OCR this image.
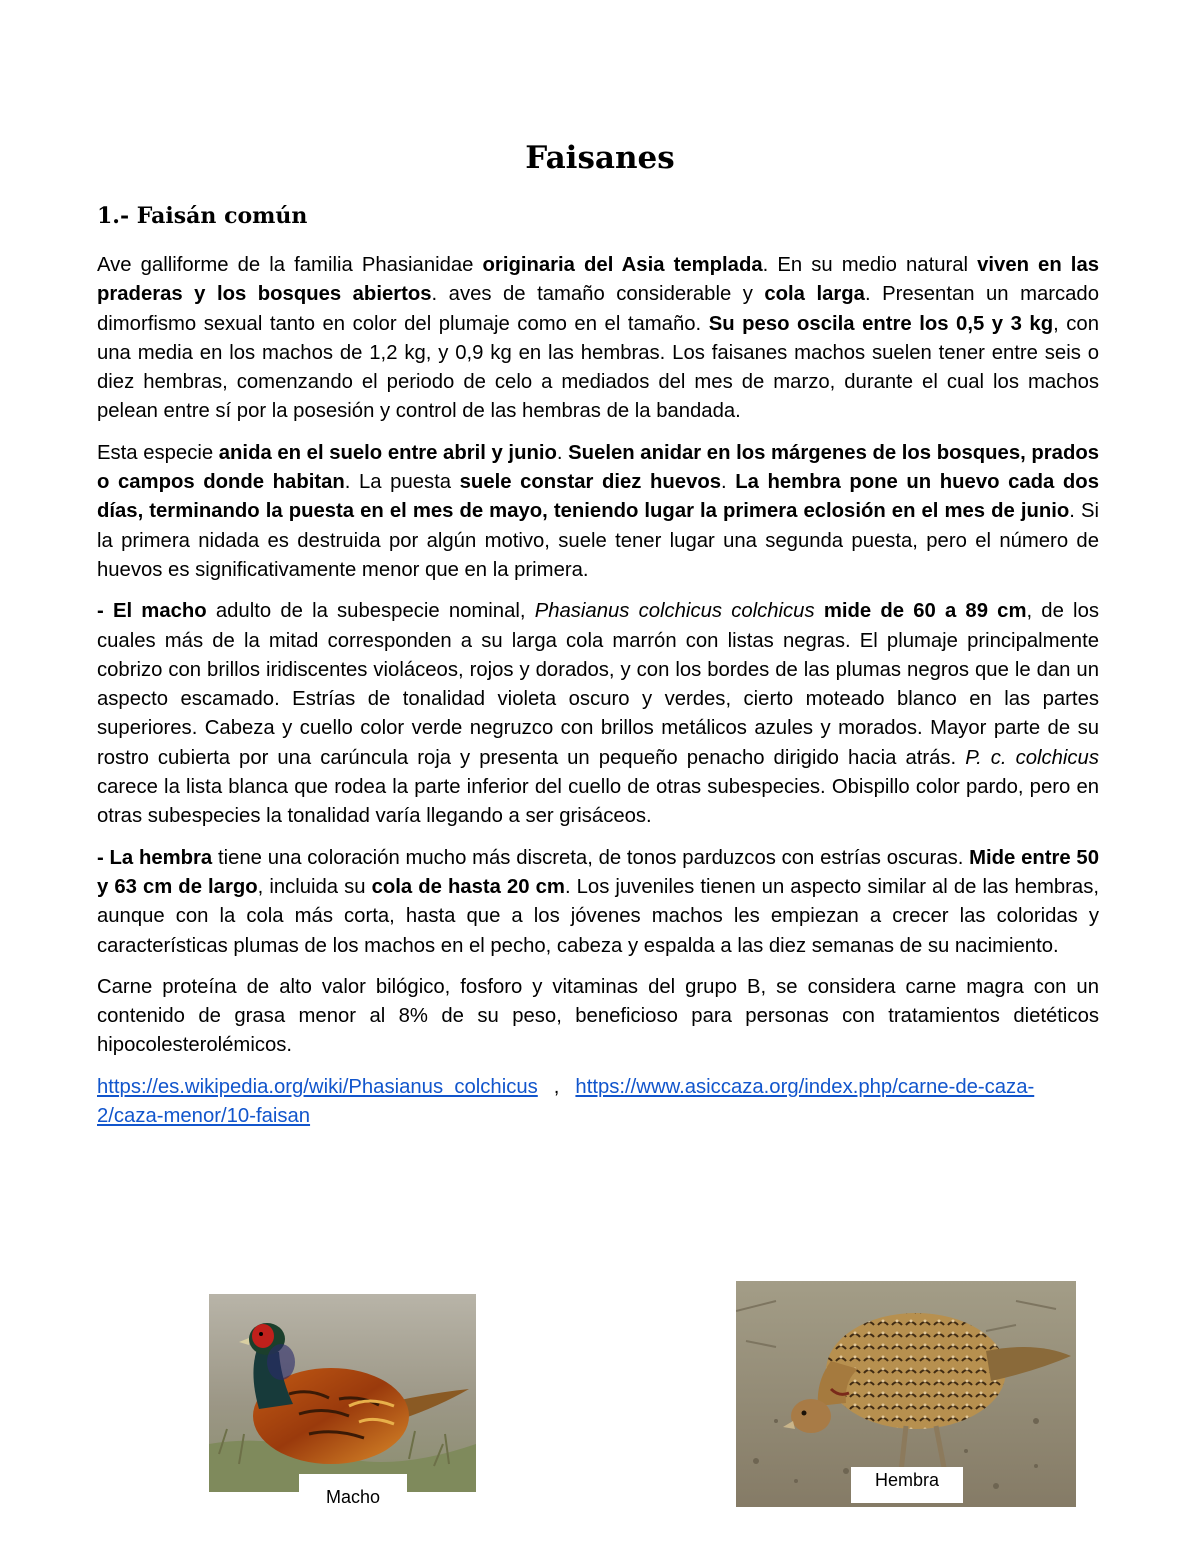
Faisanes
1.- Faisán común

Ave galliforme de la familia Phasianidae originaria del Asia templada. En su medio natural viven en las praderas y los bosques abiertos. aves de tamaño considerable y cola larga. Presentan un marcado dimorfismo sexual tanto en color del plumaje como en el tamaño. Su peso oscila entre los 0,5 y 3 kg, con una media en los machos de 1,2 kg, y 0,9 kg en las hembras. Los faisanes machos suelen tener entre seis o diez hembras, comenzando el periodo de celo a mediados del mes de marzo, durante el cual los machos pelean entre sí por la posesión y control de las hembras de la bandada.

Esta especie anida en el suelo entre abril y junio. Suelen anidar en los márgenes de los bosques, prados o campos donde habitan. La puesta suele constar diez huevos. La hembra pone un huevo cada dos días, terminando la puesta en el mes de mayo, teniendo lugar la primera eclosión en el mes de junio. Si la primera nidada es destruida por algún motivo, suele tener lugar una segunda puesta, pero el número de huevos es significativamente menor que en la primera.

- El macho adulto de la subespecie nominal, Phasianus colchicus colchicus mide de 60 a 89 cm, de los cuales más de la mitad corresponden a su larga cola marrón con listas negras. El plumaje principalmente cobrizo con brillos iridiscentes violáceos, rojos y dorados, y con los bordes de las plumas negros que le dan un aspecto escamado. Estrías de tonalidad violeta oscuro y verdes, cierto moteado blanco en las partes superiores. Cabeza y cuello color verde negruzco con brillos metálicos azules y morados. Mayor parte de su rostro cubierta por una carúncula roja y presenta un pequeño penacho dirigido hacia atrás. P. c. colchicus carece la lista blanca que rodea la parte inferior del cuello de otras subespecies. Obispillo color pardo, pero en otras subespecies la tonalidad varía llegando a ser grisáceos.

- La hembra tiene una coloración mucho más discreta, de tonos parduzcos con estrías oscuras. Mide entre 50 y 63 cm de largo, incluida su cola de hasta 20 cm. Los juveniles tienen un aspecto similar al de las hembras, aunque con la cola más corta, hasta que a los jóvenes machos les empiezan a crecer las coloridas y características plumas de los machos en el pecho, cabeza y espalda a las diez semanas de su nacimiento.

Carne proteína de alto valor bilógico, fosforo y vitaminas del grupo B, se considera carne magra con un contenido de grasa menor al 8% de su peso, beneficioso para personas con tratamientos dietéticos hipocolesterolémicos.

https://es.wikipedia.org/wiki/Phasianus_colchicus , https://www.asiccaza.org/index.php/carne-de-caza-2/caza-menor/10-faisan

Macho
Hembra
